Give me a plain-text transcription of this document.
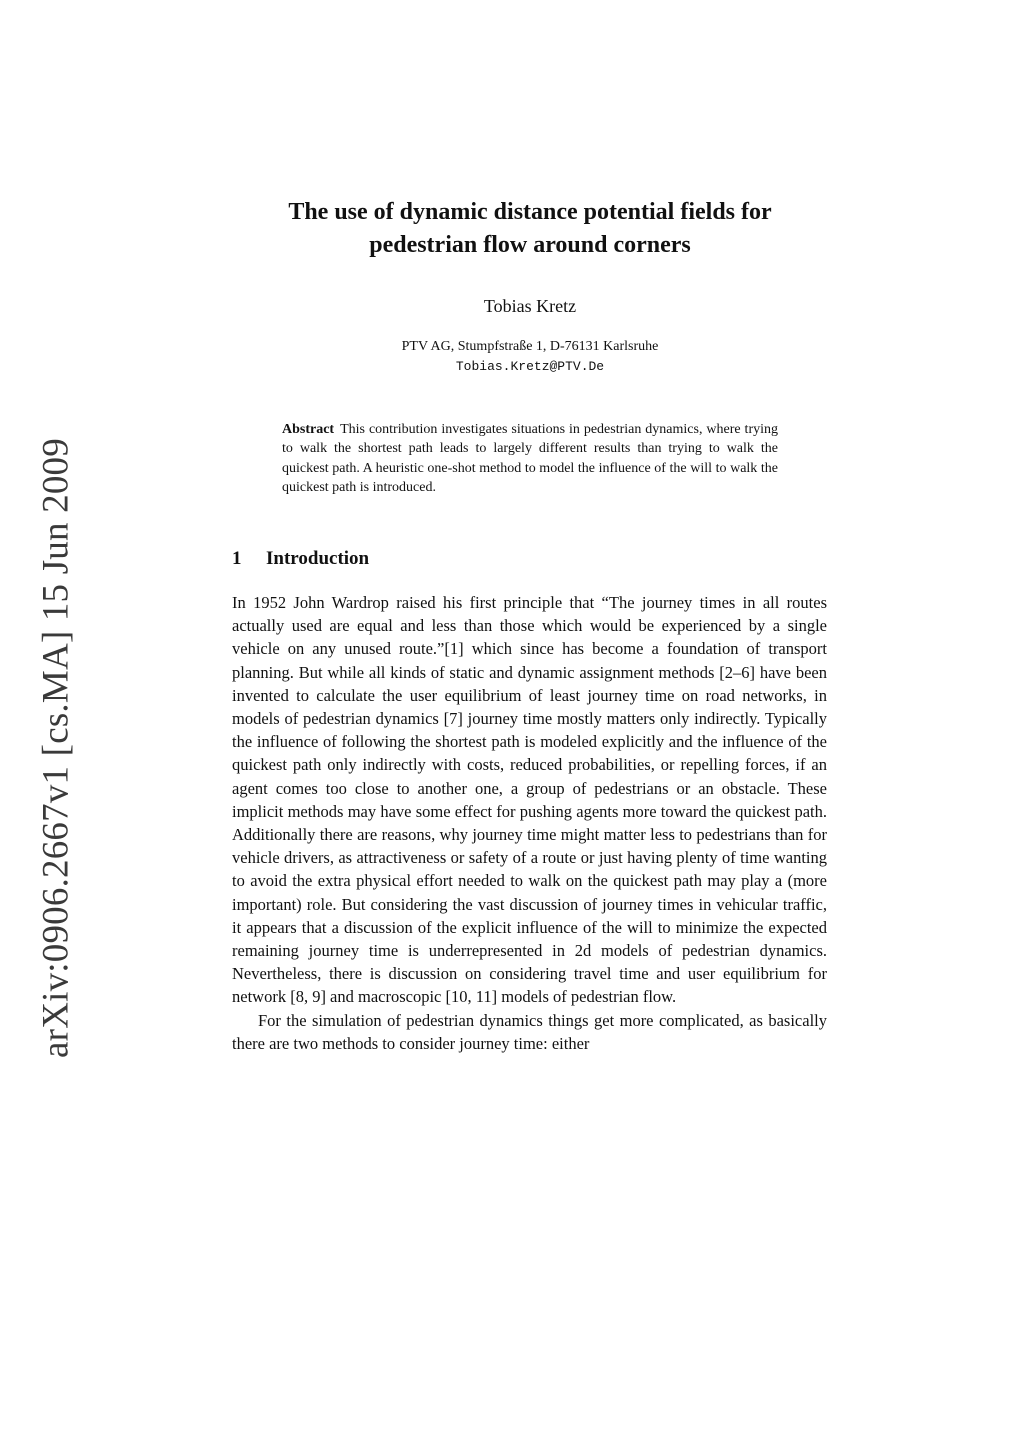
arXiv:0906.2667v1 [cs.MA] 15 Jun 2009
The use of dynamic distance potential fields for
pedestrian flow around corners
Tobias Kretz
PTV AG, Stumpfstraße 1, D-76131 Karlsruhe
Tobias.Kretz@PTV.De
Abstract This contribution investigates situations in pedestrian dynamics, where trying to walk the shortest path leads to largely different results than trying to walk the quickest path. A heuristic one-shot method to model the influence of the will to walk the quickest path is introduced.
1 Introduction

In 1952 John Wardrop raised his first principle that “The journey times in all routes actually used are equal and less than those which would be experienced by a single vehicle on any unused route.”[1] which since has become a foundation of transport planning. But while all kinds of static and dynamic assignment methods [2–6] have been invented to calculate the user equilibrium of least journey time on road networks, in models of pedestrian dynamics [7] journey time mostly matters only indirectly. Typically the influence of following the shortest path is modeled explicitly and the influence of the quickest path only indirectly with costs, reduced probabilities, or repelling forces, if an agent comes too close to another one, a group of pedestrians or an obstacle. These implicit methods may have some effect for pushing agents more toward the quickest path. Additionally there are reasons, why journey time might matter less to pedestrians than for vehicle drivers, as attractiveness or safety of a route or just having plenty of time wanting to avoid the extra physical effort needed to walk on the quickest path may play a (more important) role. But considering the vast discussion of journey times in vehicular traffic, it appears that a discussion of the explicit influence of the will to minimize the expected remaining journey time is underrepresented in 2d models of pedestrian dynamics. Nevertheless, there is discussion on considering travel time and user equilibrium for network [8, 9] and macroscopic [10, 11] models of pedestrian flow.

For the simulation of pedestrian dynamics things get more complicated, as basically there are two methods to consider journey time: either
